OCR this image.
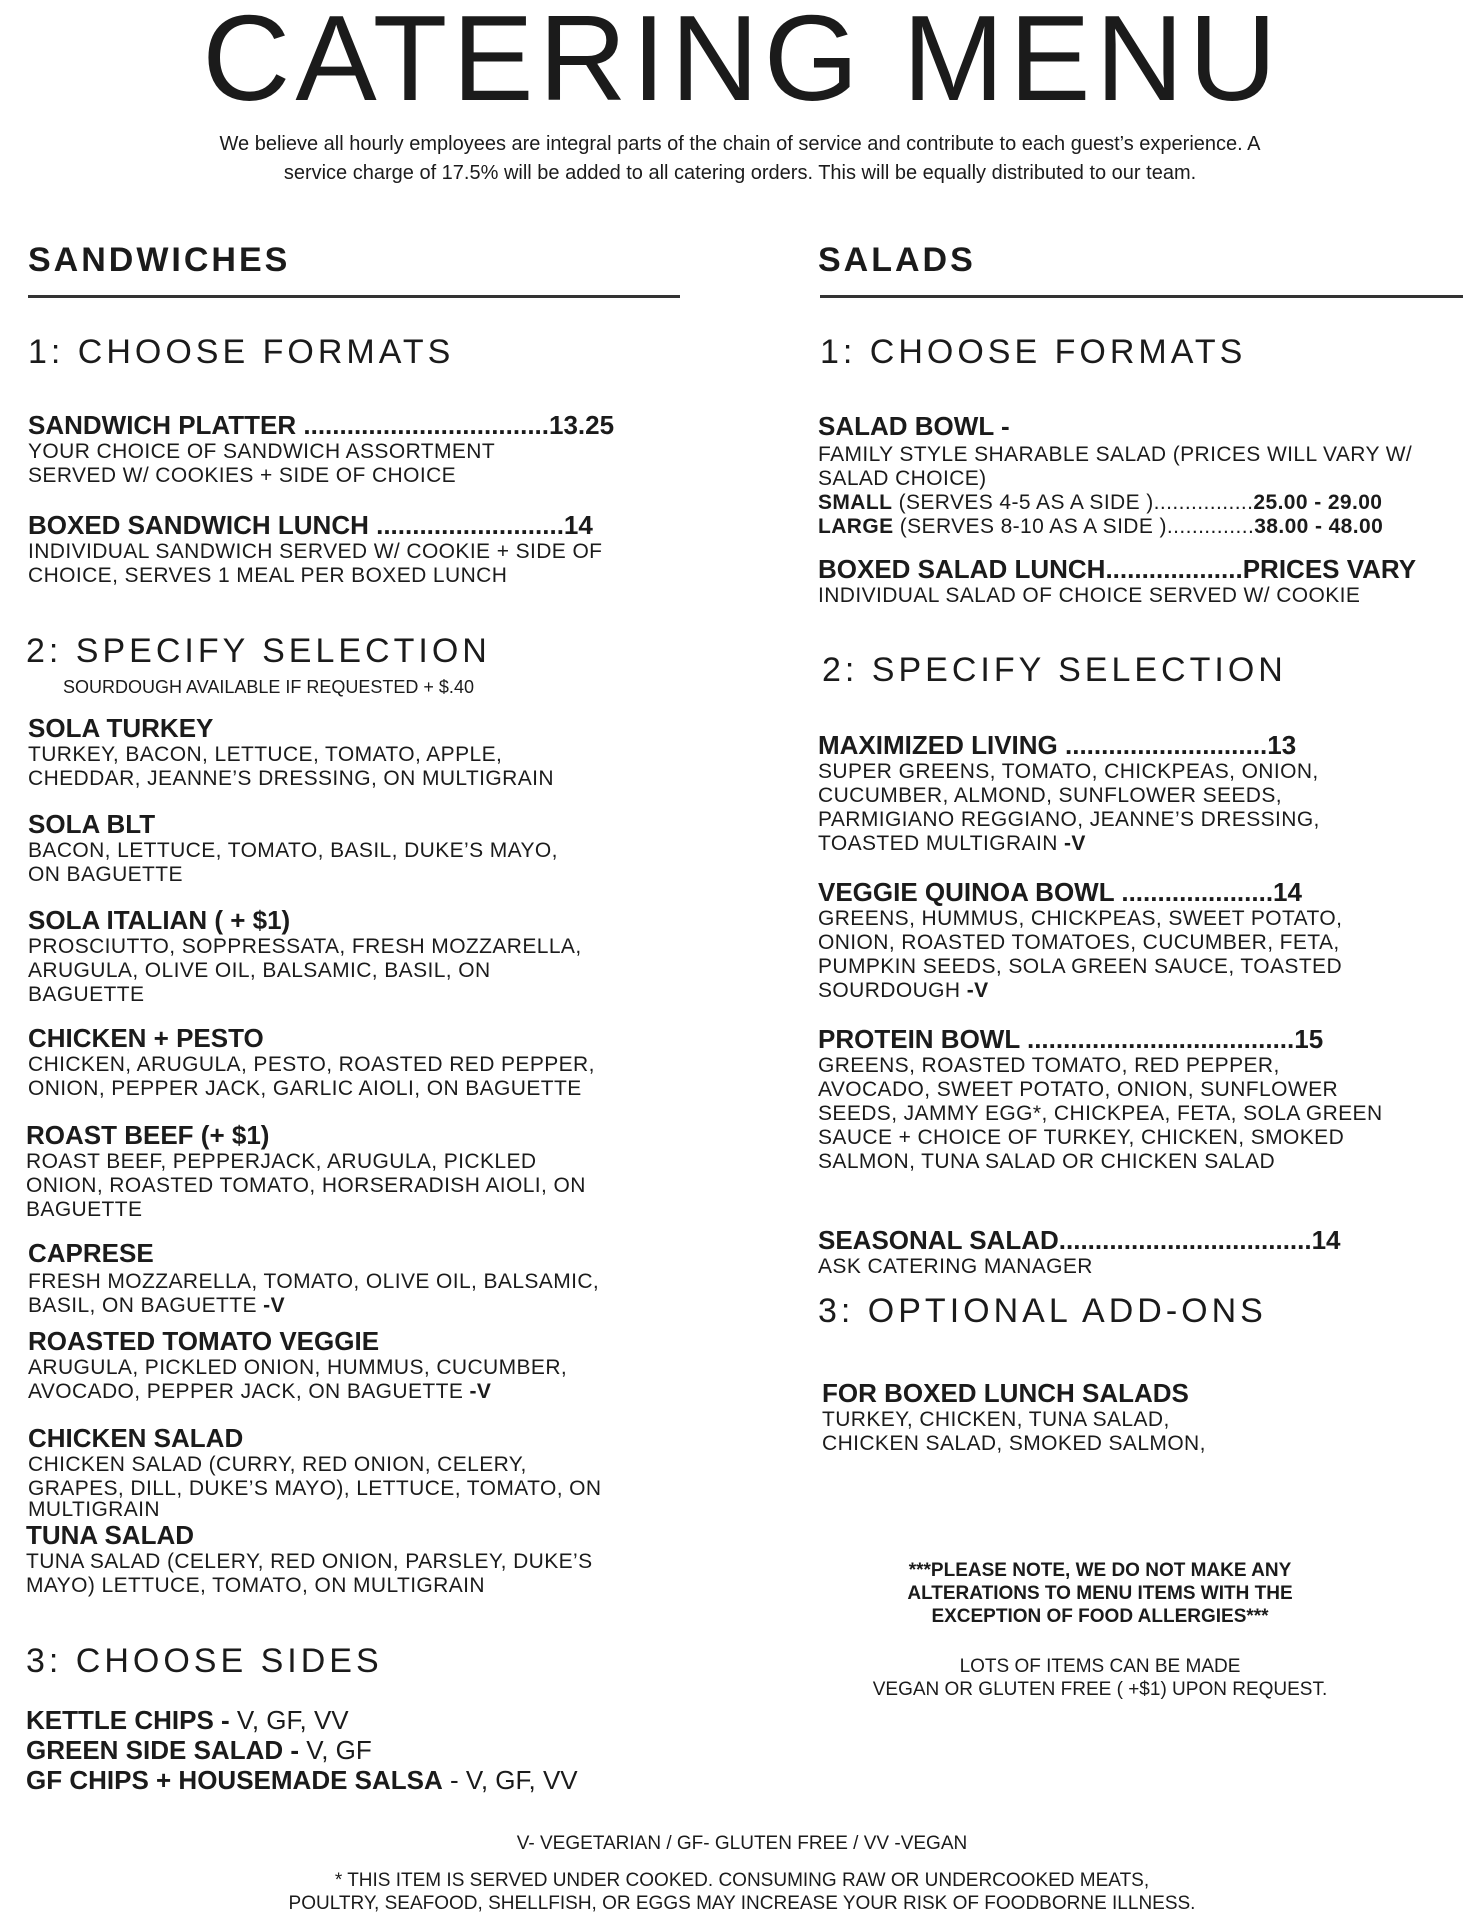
CATERING MENU
We believe all hourly employees are integral parts of the chain of service and contribute to each guest’s experience. A
service charge of 17.5% will be added to all catering orders. This will be equally distributed to our team.
SANDWICHES
1: CHOOSE FORMATS
SANDWICH PLATTER ..................................13.25
YOUR CHOICE OF SANDWICH ASSORTMENT
SERVED W/ COOKIES + SIDE OF CHOICE
BOXED SANDWICH LUNCH ..........................14
INDIVIDUAL SANDWICH SERVED W/ COOKIE + SIDE OF
CHOICE, SERVES 1 MEAL PER BOXED LUNCH
2: SPECIFY SELECTION
SOURDOUGH AVAILABLE IF REQUESTED + $.40
SOLA TURKEY
TURKEY, BACON, LETTUCE, TOMATO, APPLE,
CHEDDAR, JEANNE’S DRESSING, ON MULTIGRAIN
SOLA BLT
BACON, LETTUCE, TOMATO, BASIL, DUKE’S MAYO,
ON BAGUETTE
SOLA ITALIAN ( + $1)
PROSCIUTTO, SOPPRESSATA, FRESH MOZZARELLA,
ARUGULA, OLIVE OIL, BALSAMIC, BASIL, ON
BAGUETTE
CHICKEN + PESTO
CHICKEN, ARUGULA, PESTO, ROASTED RED PEPPER,
ONION, PEPPER JACK, GARLIC AIOLI, ON BAGUETTE
ROAST BEEF (+ $1)
ROAST BEEF, PEPPERJACK, ARUGULA, PICKLED
ONION, ROASTED TOMATO, HORSERADISH AIOLI, ON
BAGUETTE
CAPRESE
FRESH MOZZARELLA, TOMATO, OLIVE OIL, BALSAMIC,
BASIL, ON BAGUETTE -V
ROASTED TOMATO VEGGIE
ARUGULA, PICKLED ONION, HUMMUS, CUCUMBER,
AVOCADO, PEPPER JACK, ON BAGUETTE -V
CHICKEN SALAD
CHICKEN SALAD (CURRY, RED ONION, CELERY,
GRAPES, DILL, DUKE’S MAYO), LETTUCE, TOMATO, ON
MULTIGRAIN
TUNA SALAD
TUNA SALAD (CELERY, RED ONION, PARSLEY, DUKE’S
MAYO) LETTUCE, TOMATO, ON MULTIGRAIN
3: CHOOSE SIDES
KETTLE CHIPS - V, GF, VV
GREEN SIDE SALAD - V, GF
GF CHIPS + HOUSEMADE SALSA - V, GF, VV
SALADS
1: CHOOSE FORMATS
SALAD BOWL -
FAMILY STYLE SHARABLE SALAD (PRICES WILL VARY W/
SALAD CHOICE)
SMALL (SERVES 4-5 AS A SIDE )................25.00 - 29.00
LARGE (SERVES 8-10 AS A SIDE )..............38.00 - 48.00
BOXED SALAD LUNCH...................PRICES VARY
INDIVIDUAL SALAD OF CHOICE SERVED W/ COOKIE
2: SPECIFY SELECTION
MAXIMIZED LIVING ............................13
SUPER GREENS, TOMATO, CHICKPEAS, ONION,
CUCUMBER, ALMOND, SUNFLOWER SEEDS,
PARMIGIANO REGGIANO, JEANNE’S DRESSING,
TOASTED MULTIGRAIN -V
VEGGIE QUINOA BOWL .....................14
GREENS, HUMMUS, CHICKPEAS, SWEET POTATO,
ONION, ROASTED TOMATOES, CUCUMBER, FETA,
PUMPKIN SEEDS, SOLA GREEN SAUCE, TOASTED
SOURDOUGH -V
PROTEIN BOWL .....................................15
GREENS, ROASTED TOMATO, RED PEPPER,
AVOCADO, SWEET POTATO, ONION, SUNFLOWER
SEEDS, JAMMY EGG*, CHICKPEA, FETA, SOLA GREEN
SAUCE + CHOICE OF TURKEY, CHICKEN, SMOKED
SALMON, TUNA SALAD OR CHICKEN SALAD
SEASONAL SALAD...................................14
ASK CATERING MANAGER
3: OPTIONAL ADD-ONS
FOR BOXED LUNCH SALADS
TURKEY, CHICKEN, TUNA SALAD,
CHICKEN SALAD, SMOKED SALMON,
***PLEASE NOTE, WE DO NOT MAKE ANY
ALTERATIONS TO MENU ITEMS WITH THE
EXCEPTION OF FOOD ALLERGIES***
LOTS OF ITEMS CAN BE MADE
VEGAN OR GLUTEN FREE ( +$1) UPON REQUEST.
V- VEGETARIAN / GF- GLUTEN FREE / VV -VEGAN
* THIS ITEM IS SERVED UNDER COOKED. CONSUMING RAW OR UNDERCOOKED MEATS,
POULTRY, SEAFOOD, SHELLFISH, OR EGGS MAY INCREASE YOUR RISK OF FOODBORNE ILLNESS.
